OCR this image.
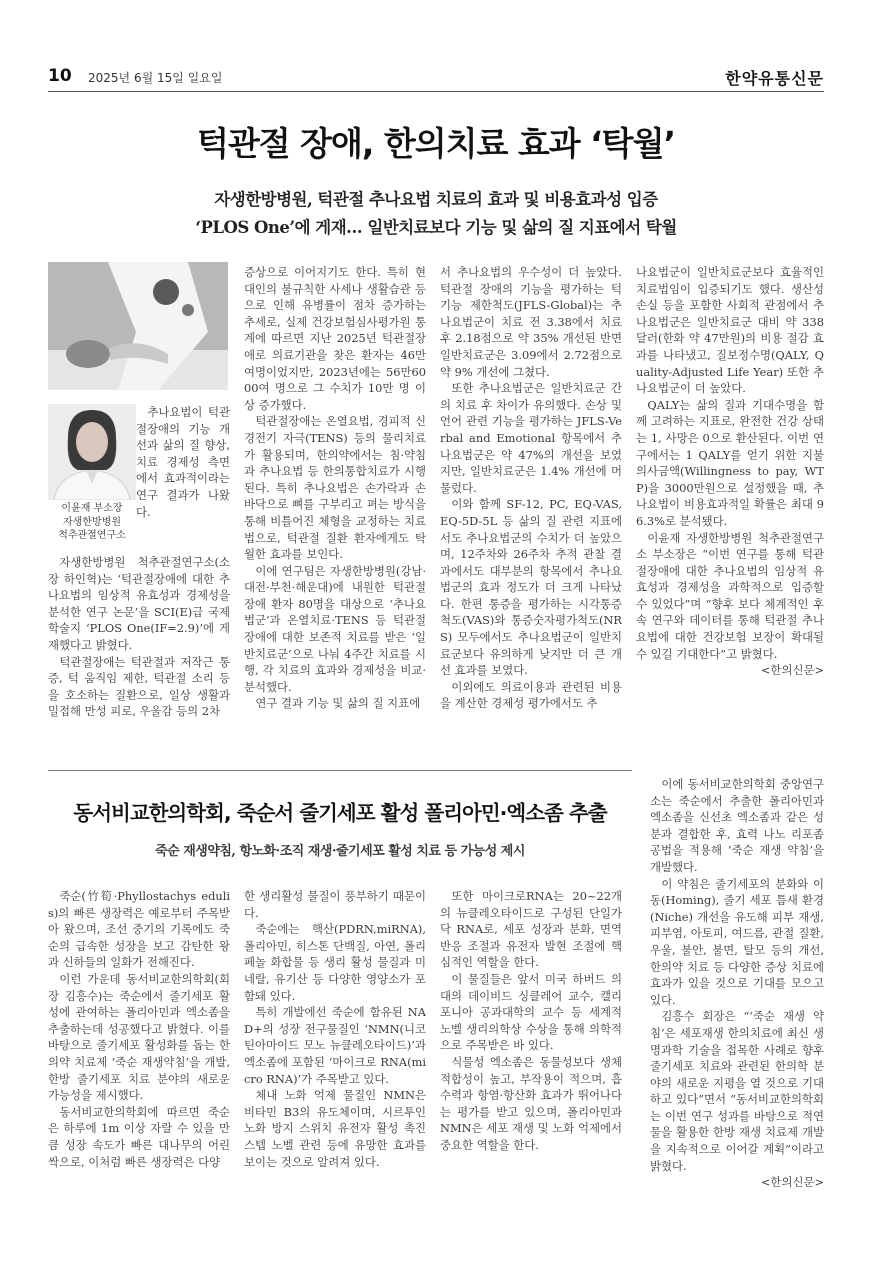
10 2025년 6월 15일 일요일	한약유통신문
턱관절 장애, 한의치료 효과 ‘탁월’
자생한방병원, 턱관절 추나요법 치료의 효과 및 비용효과성 입증
‘PLOS One’에 게재… 일반치료보다 기능 및 삶의 질 지표에서 탁월
이윤재 부소장
자생한방병원
척추관절연구소

추나요법이 턱관절장애의 기능 개선과 삶의 질 향상, 치료 경제성 측면에서 효과적이라는 연구 결과가 나왔다.

자생한방병원 척추관절연구소(소장 하인혁)는 ‘턱관절장애에 대한 추나요법의 임상적 유효성과 경제성을 분석한 연구 논문’을 SCI(E)급 국제학술지 ‘PLOS One(IF=2.9)’에 게재했다고 밝혔다.

턱관절장애는 턱관절과 저작근 통증, 턱 움직임 제한, 턱관절 소리 등을 호소하는 질환으로, 일상 생활과 밀접해 만성 피로, 우울감 등의 2차

증상으로 이어지기도 한다. 특히 현대인의 불규칙한 사세나 생활습관 등으로 인해 유병률이 점차 증가하는 추세로, 실제 건강보험심사평가원 통계에 따르면 지난 2025년 턱관절장애로 의료기관을 찾은 환자는 46만 여명이었지만, 2023년에는 56만6000여 명으로 그 수치가 10만 명 이상 증가했다.

턱관절장애는 온열요법, 경피적 신경전기 자극(TENS) 등의 물리치료가 활용되며, 한의약에서는 침·약침과 추나요법 등 한의통합치료가 시행된다. 특히 추나요법은 손가락과 손바닥으로 뼈를 구부리고 펴는 방식을 통해 비틀어진 체형을 교정하는 치료법으로, 턱관절 질환 환자에게도 탁월한 효과를 보인다.

이에 연구팀은 자생한방병원(강남·대전·부천·해운대)에 내원한 턱관절장애 환자 80명을 대상으로 ‘추나요법군’과 온열치료·TENS 등 턱관절 장애에 대한 보존적 치료를 받은 ‘일반치료군’으로 나눠 4주간 치료를 시행, 각 치료의 효과와 경제성을 비교·분석했다.

연구 결과 기능 및 삶의 질 지표에

서 추나요법의 우수성이 더 높았다. 턱관절 장애의 기능을 평가하는 턱 기능 제한척도(JFLS-Global)는 추나요법군이 치료 전 3.38에서 치료 후 2.18점으로 약 35% 개선된 반면 일반치료군은 3.09에서 2.72점으로 약 9% 개선에 그쳤다.

또한 추나요법군은 일반치료군 간의 치료 후 차이가 유의했다. 손상 및 언어 관련 기능을 평가하는 JFLS-Verbal and Emotional 항목에서 추나요법군은 약 47%의 개선을 보였지만, 일반치료군은 1.4% 개선에 머물렀다.

이와 함께 SF-12, PC, EQ-VAS, EQ-5D-5L 등 삶의 질 관련 지표에서도 추나요법군의 수치가 더 높았으며, 12주차와 26주차 추적 관찰 결과에서도 대부분의 항목에서 추나요법군의 효과 정도가 더 크게 나타났다. 한편 통증을 평가하는 시각통증척도(VAS)와 통증숫자평가척도(NRS) 모두에서도 추나요법군이 일반치료군보다 유의하게 낮지만 더 큰 개선 효과를 보였다.

이외에도 의료이용과 관련된 비용을 계산한 경제성 평가에서도 추

나요법군이 일반치료군보다 효율적인 치료법임이 입증되기도 했다. 생산성 손실 등을 포함한 사회적 관점에서 추나요법군은 일반치료군 대비 약 338달러(한화 약 47만원)의 비용 절감 효과를 나타냈고, 질보정수명(QALY, Quality-Adjusted Life Year) 또한 추나요법군이 더 높았다.

QALY는 삶의 질과 기대수명을 함께 고려하는 지표로, 완전한 건강 상태는 1, 사망은 0으로 환산된다. 이번 연구에서는 1 QALY를 얻기 위한 지불의사금액(Willingness to pay, WTP)을 3000만원으로 설정했을 때, 추나요법이 비용효과적일 확률은 최대 96.3%로 분석됐다.

이윤재 자생한방병원 척추관절연구소 부소장은 “이번 연구를 통해 턱관절장애에 대한 추나요법의 임상적 유효성과 경제성을 과학적으로 입증할 수 있었다”며 “향후 보다 체계적인 후속 연구와 데이터를 통해 턱관절 추나요법에 대한 건강보험 보장이 확대될 수 있길 기대한다”고 밝혔다.

<한의신문>
동서비교한의학회, 죽순서 줄기세포 활성 폴리아민·엑소좀 추출
죽순 재생약침, 항노화·조직 재생·줄기세포 활성 치료 등 가능성 제시

죽순(竹筍·Phyllostachys edulis)의 빠른 생장력은 예로부터 주목받아 왔으며, 조선 중기의 기록에도 죽순의 급속한 성장을 보고 감탄한 왕과 신하들의 일화가 전해진다.

이런 가운데 동서비교한의학회(회장 김흥수)는 죽순에서 줄기세포 활성에 관여하는 폴리아민과 엑소좀을 추출하는데 성공했다고 밝혔다. 이를 바탕으로 줄기세포 활성화를 돕는 한의약 치료제 ‘죽순 재생약침’을 개발, 한방 줄기세포 치료 분야의 새로운 가능성을 제시했다.

동서비교한의학회에 따르면 죽순은 하루에 1m 이상 자랄 수 있을 만큼 성장 속도가 빠른 대나무의 어린 싹으로, 이처럼 빠른 생장력은 다양

한 생리활성 물질이 풍부하기 때문이다.

죽순에는 핵산(PDRN,miRNA), 폴리아민, 히스톤 단백질, 아연, 폴리페놀 화합물 등 생리 활성 물질과 미네랄, 유기산 등 다양한 영양소가 포함돼 있다.

특히 개발에선 죽순에 함유된 NAD+의 성장 전구물질인 ‘NMN(니코틴아마이드 모노 뉴클레오타이드)’과 엑소좀에 포함된 ‘마이크로 RNA(micro RNA)’가 주목받고 있다.

체내 노화 억제 물질인 NMN은 비타민 B3의 유도체이며, 시르투인 노화 방지 스위치 유전자 활성 촉진 스텝 노벨 관련 등에 유망한 효과를 보이는 것으로 알려져 있다.

또한 마이크로RNA는 20~22개의 뉴클레오타이드로 구성된 단일가닥 RNA로, 세포 성장과 분화, 면역 반응 조절과 유전자 발현 조절에 핵심적인 역할을 한다.

이 물질들은 앞서 미국 하버드 의대의 데이비드 싱클레어 교수, 캘리포니아 공과대학의 교수 등 세계적 노벨 생리의학상 수상을 통해 의학적으로 주목받은 바 있다.

식물성 엑소좀은 동물성보다 생체적합성이 높고, 부작용이 적으며, 흡수력과 항염·항산화 효과가 뛰어나다는 평가를 받고 있으며, 폴리아민과 NMN은 세포 재생 및 노화 억제에서 중요한 역할을 한다.

이에 동서비교한의학회 중앙연구소는 죽순에서 추출한 폴리아민과 엑소좀을 신선초 엑소좀과 같은 성분과 결합한 후, 효력 나노 리포좀 공법을 적용해 ‘죽순 재생 약침’을 개발했다.

이 약침은 줄기세포의 분화와 이동(Homing), 줄기 세포 틈새 환경(Niche) 개선을 유도해 피부 재생, 피부염, 아토피, 여드름, 관절 질환, 우울, 불안, 불면, 탈모 등의 개선, 한의약 치료 등 다양한 증상 치료에 효과가 있을 것으로 기대를 모으고 있다.

김흥수 회장은 “‘죽순 재생 약침’은 세포재생 한의치료에 최신 생명과학 기술을 접목한 사례로 향후 줄기세포 치료와 관련된 한의학 분야의 새로운 지평을 열 것으로 기대하고 있다”면서 “동서비교한의학회는 이번 연구 성과를 바탕으로 적연물을 활용한 한방 재생 치료제 개발을 지속적으로 이어갈 계획”이라고 밝혔다.

<한의신문>
